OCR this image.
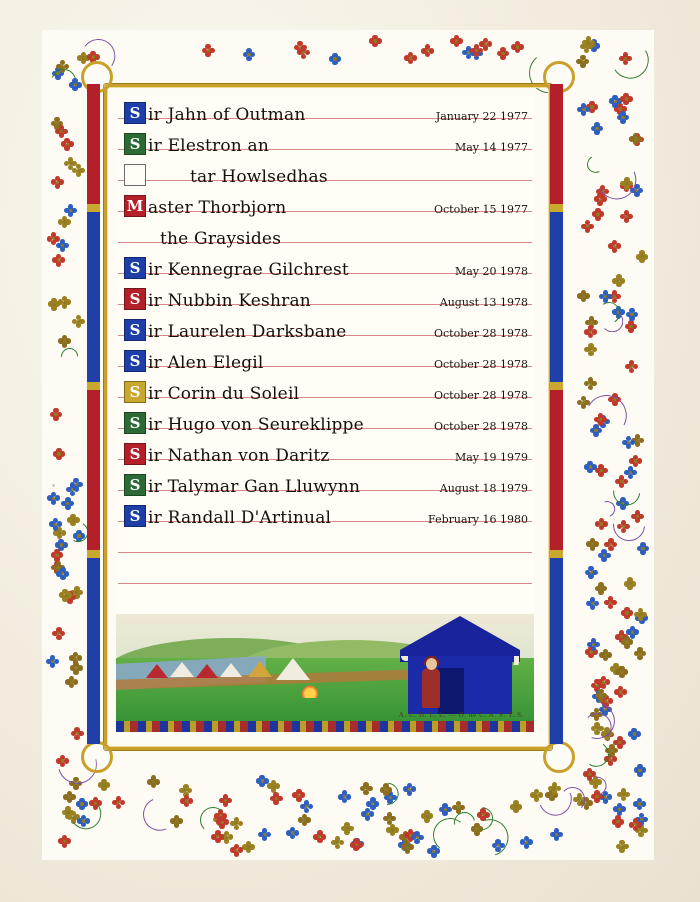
S ir Jahn of Outman	January 22 1977
S ir Elestron an	May 14 1977
tar Howlsedhas
M aster Thorbjorn	October 15 1977
the Graysides
S ir Kennegrae Gilchrest	May 20 1978
S ir Nubbin Keshran	August 13 1978
S ir Laurelen Darksbane	October 28 1978
S ir Alen Elegil	October 28 1978
S ir Corin du Soleil	October 28 1978
S ir Hugo von Seureklippe	October 28 1978
S ir Nathan von Daritz	May 19 1979
S ir Talymar Gan Lluwynn	August 18 1979
S ir Randall D'Artinual	February 16 1980
A. C. H. L. L. — D. de C. A. S. T. S.
